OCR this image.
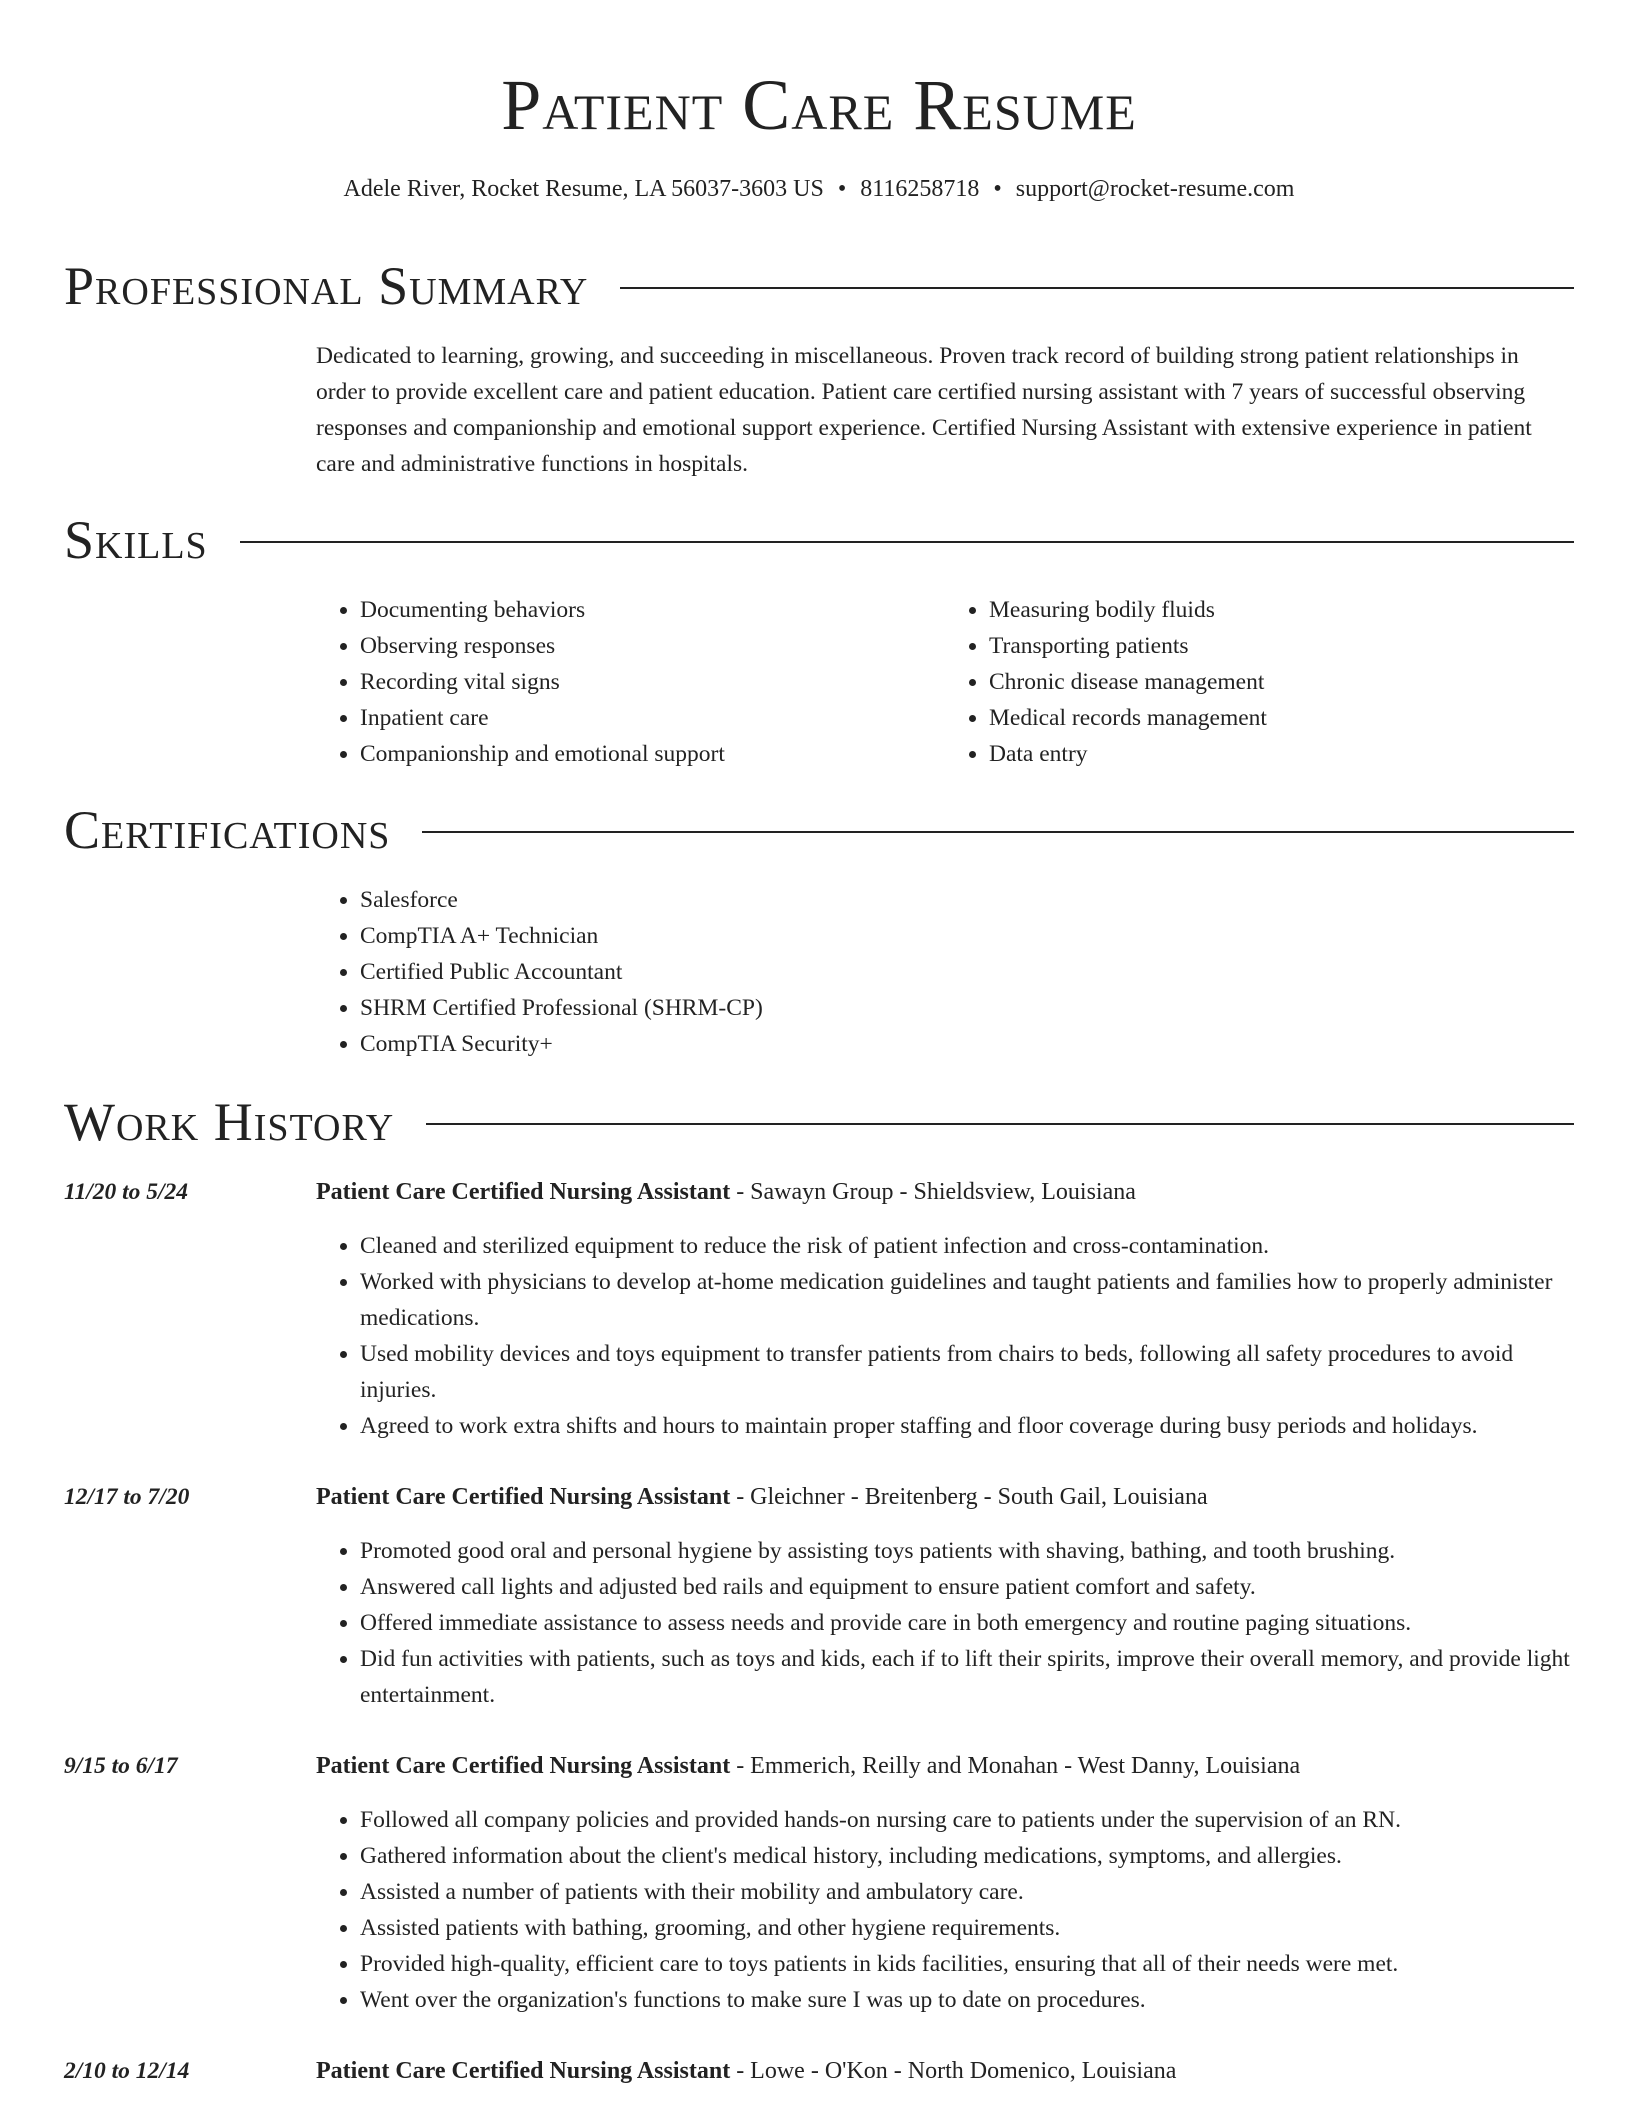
Patient Care Resume
Adele River, Rocket Resume, LA 56037-3603 US • 8116258718 • support@rocket-resume.com
Professional Summary
Dedicated to learning, growing, and succeeding in miscellaneous. Proven track record of building strong patient relationships in order to provide excellent care and patient education. Patient care certified nursing assistant with 7 years of successful observing responses and companionship and emotional support experience. Certified Nursing Assistant with extensive experience in patient care and administrative functions in hospitals.
Skills
• Documenting behaviors
• Observing responses
• Recording vital signs
• Inpatient care
• Companionship and emotional support
• Measuring bodily fluids
• Transporting patients
• Chronic disease management
• Medical records management
• Data entry
Certifications
• Salesforce
• CompTIA A+ Technician
• Certified Public Accountant
• SHRM Certified Professional (SHRM-CP)
• CompTIA Security+
Work History
11/20 to 5/24	Patient Care Certified Nursing Assistant - Sawayn Group - Shieldsview, Louisiana
• Cleaned and sterilized equipment to reduce the risk of patient infection and cross-contamination.
• Worked with physicians to develop at-home medication guidelines and taught patients and families how to properly administer medications.
• Used mobility devices and toys equipment to transfer patients from chairs to beds, following all safety procedures to avoid injuries.
• Agreed to work extra shifts and hours to maintain proper staffing and floor coverage during busy periods and holidays.
12/17 to 7/20	Patient Care Certified Nursing Assistant - Gleichner - Breitenberg - South Gail, Louisiana
• Promoted good oral and personal hygiene by assisting toys patients with shaving, bathing, and tooth brushing.
• Answered call lights and adjusted bed rails and equipment to ensure patient comfort and safety.
• Offered immediate assistance to assess needs and provide care in both emergency and routine paging situations.
• Did fun activities with patients, such as toys and kids, each if to lift their spirits, improve their overall memory, and provide light entertainment.
9/15 to 6/17	Patient Care Certified Nursing Assistant - Emmerich, Reilly and Monahan - West Danny, Louisiana
• Followed all company policies and provided hands-on nursing care to patients under the supervision of an RN.
• Gathered information about the client's medical history, including medications, symptoms, and allergies.
• Assisted a number of patients with their mobility and ambulatory care.
• Assisted patients with bathing, grooming, and other hygiene requirements.
• Provided high-quality, efficient care to toys patients in kids facilities, ensuring that all of their needs were met.
• Went over the organization's functions to make sure I was up to date on procedures.
2/10 to 12/14	Patient Care Certified Nursing Assistant - Lowe - O'Kon - North Domenico, Louisiana
